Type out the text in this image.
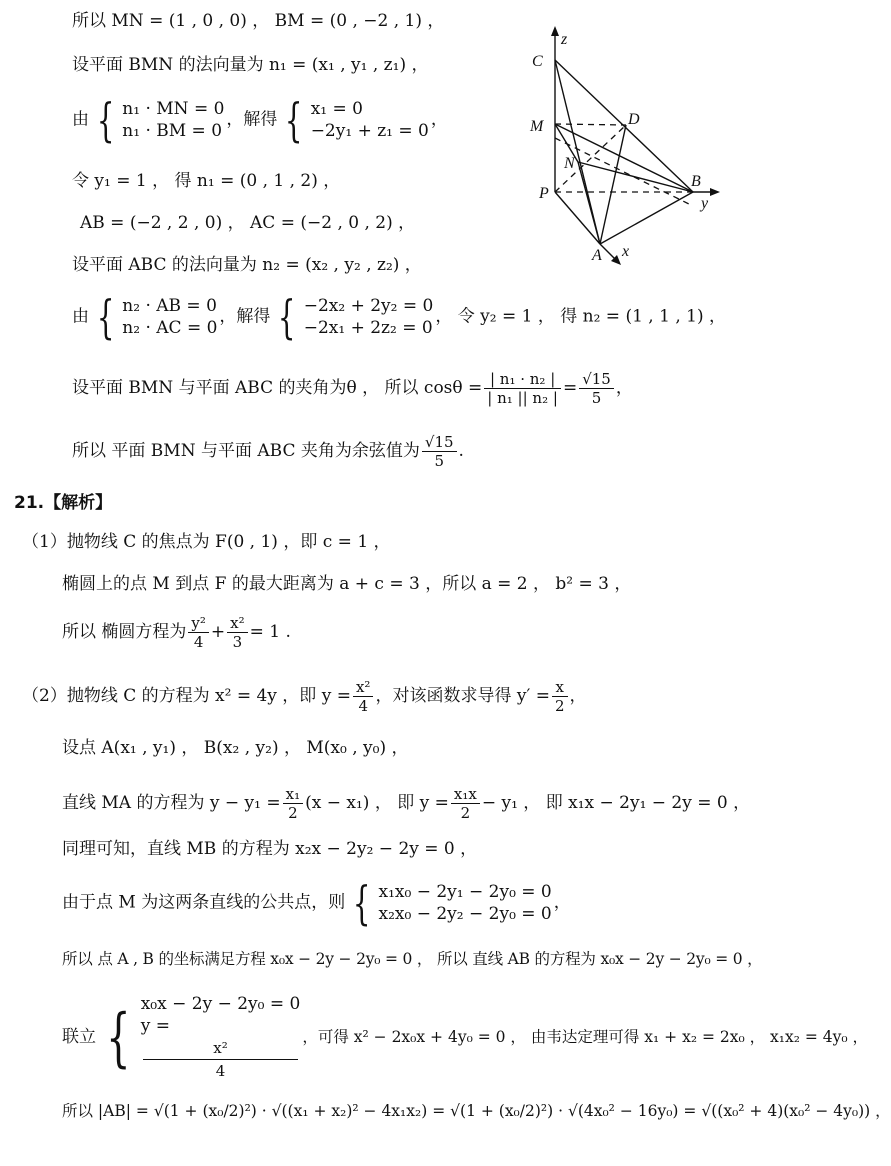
C
z
M	D
N
P
B
y
A x
所以 MN = (1 , 0 , 0) ， BM = (0 , −2 , 1) ，
设平面 BMN 的法向量为 n₁ = (x₁ , y₁ , z₁) ，
由 { n₁ · MN = 0
n₁ · BM = 0
，解得 { x₁ = 0
−2y₁ + z₁ = 0
，
令 y₁ = 1 ， 得 n₁ = (0 , 1 , 2) ，
AB = (−2 , 2 , 0) ， AC = (−2 , 0 , 2) ，
设平面 ABC 的法向量为 n₂ = (x₂ , y₂ , z₂) ，
由 { n₂ · AB = 0
n₂ · AC = 0
，解得 { −2x₂ + 2y₂ = 0
−2x₁ + 2z₂ = 0
， 令 y₂ = 1 ， 得 n₂ = (1 , 1 , 1) ，
设平面 BMN 与平面 ABC 的夹角为θ ， 所以 $\cos\theta = \frac{\text{| n₁ · n₂ |}}{\text{| n₁ || n₂ |}} = \frac{√15}{5}$ ，
所以 平面 BMN 与平面 ABC 夹角为余弦值为 $\frac{√15}{5}$ .
21.【解析】
（1）抛物线 C 的焦点为 F(0 , 1) ，即 c = 1 ，
椭圆上的点 M 到点 F 的最大距离为 a + c = 3 ，所以 a = 2 ， b² = 3 ，
所以 椭圆方程为 $\frac{\text{y²}}{4} + \frac{\text{x²}}{3} = 1$ .
（2）抛物线 C 的方程为 x² = 4y ，即 $y = \frac{\text{x²}}{4}$ ，对该函数求导得 $y' = \frac{x}{2}$ ，
设点 A(x₁ , y₁) ， B(x₂ , y₂) ， M(x₀ , y₀) ，
直线 MA 的方程为 $y - y_1 = \frac{\text{x₁}}{2} (x - x_1)$ ， 即 $y = \frac{\text{x₁x}}{2} - y_1$ ， 即 x₁x − 2y₁ − 2y = 0 ，
同理可知，直线 MB 的方程为 x₂x − 2y₂ − 2y = 0 ，
由于点 M 为这两条直线的公共点，则 { x₁x₀ − 2y₁ − 2y₀ = 0
x₂x₀ − 2y₂ − 2y₀ = 0
，
所以 点 A , B 的坐标满足方程 x₀x − 2y − 2y₀ = 0 ， 所以 直线 AB 的方程为 x₀x − 2y − 2y₀ = 0 ，
联立 { x₀x − 2y − 2y₀ = 0
y =
x²
4
，可得 x² − 2x₀x + 4y₀ = 0 ， 由韦达定理可得 x₁ + x₂ = 2x₀ ， x₁x₂ = 4y₀ ，
所以 |AB| = √(1 + (x₀/2)²) · √((x₁ + x₂)² − 4x₁x₂) = √(1 + (x₀/2)²) · √(4x₀² − 16y₀) = √((x₀² + 4)(x₀² − 4y₀)) ，
